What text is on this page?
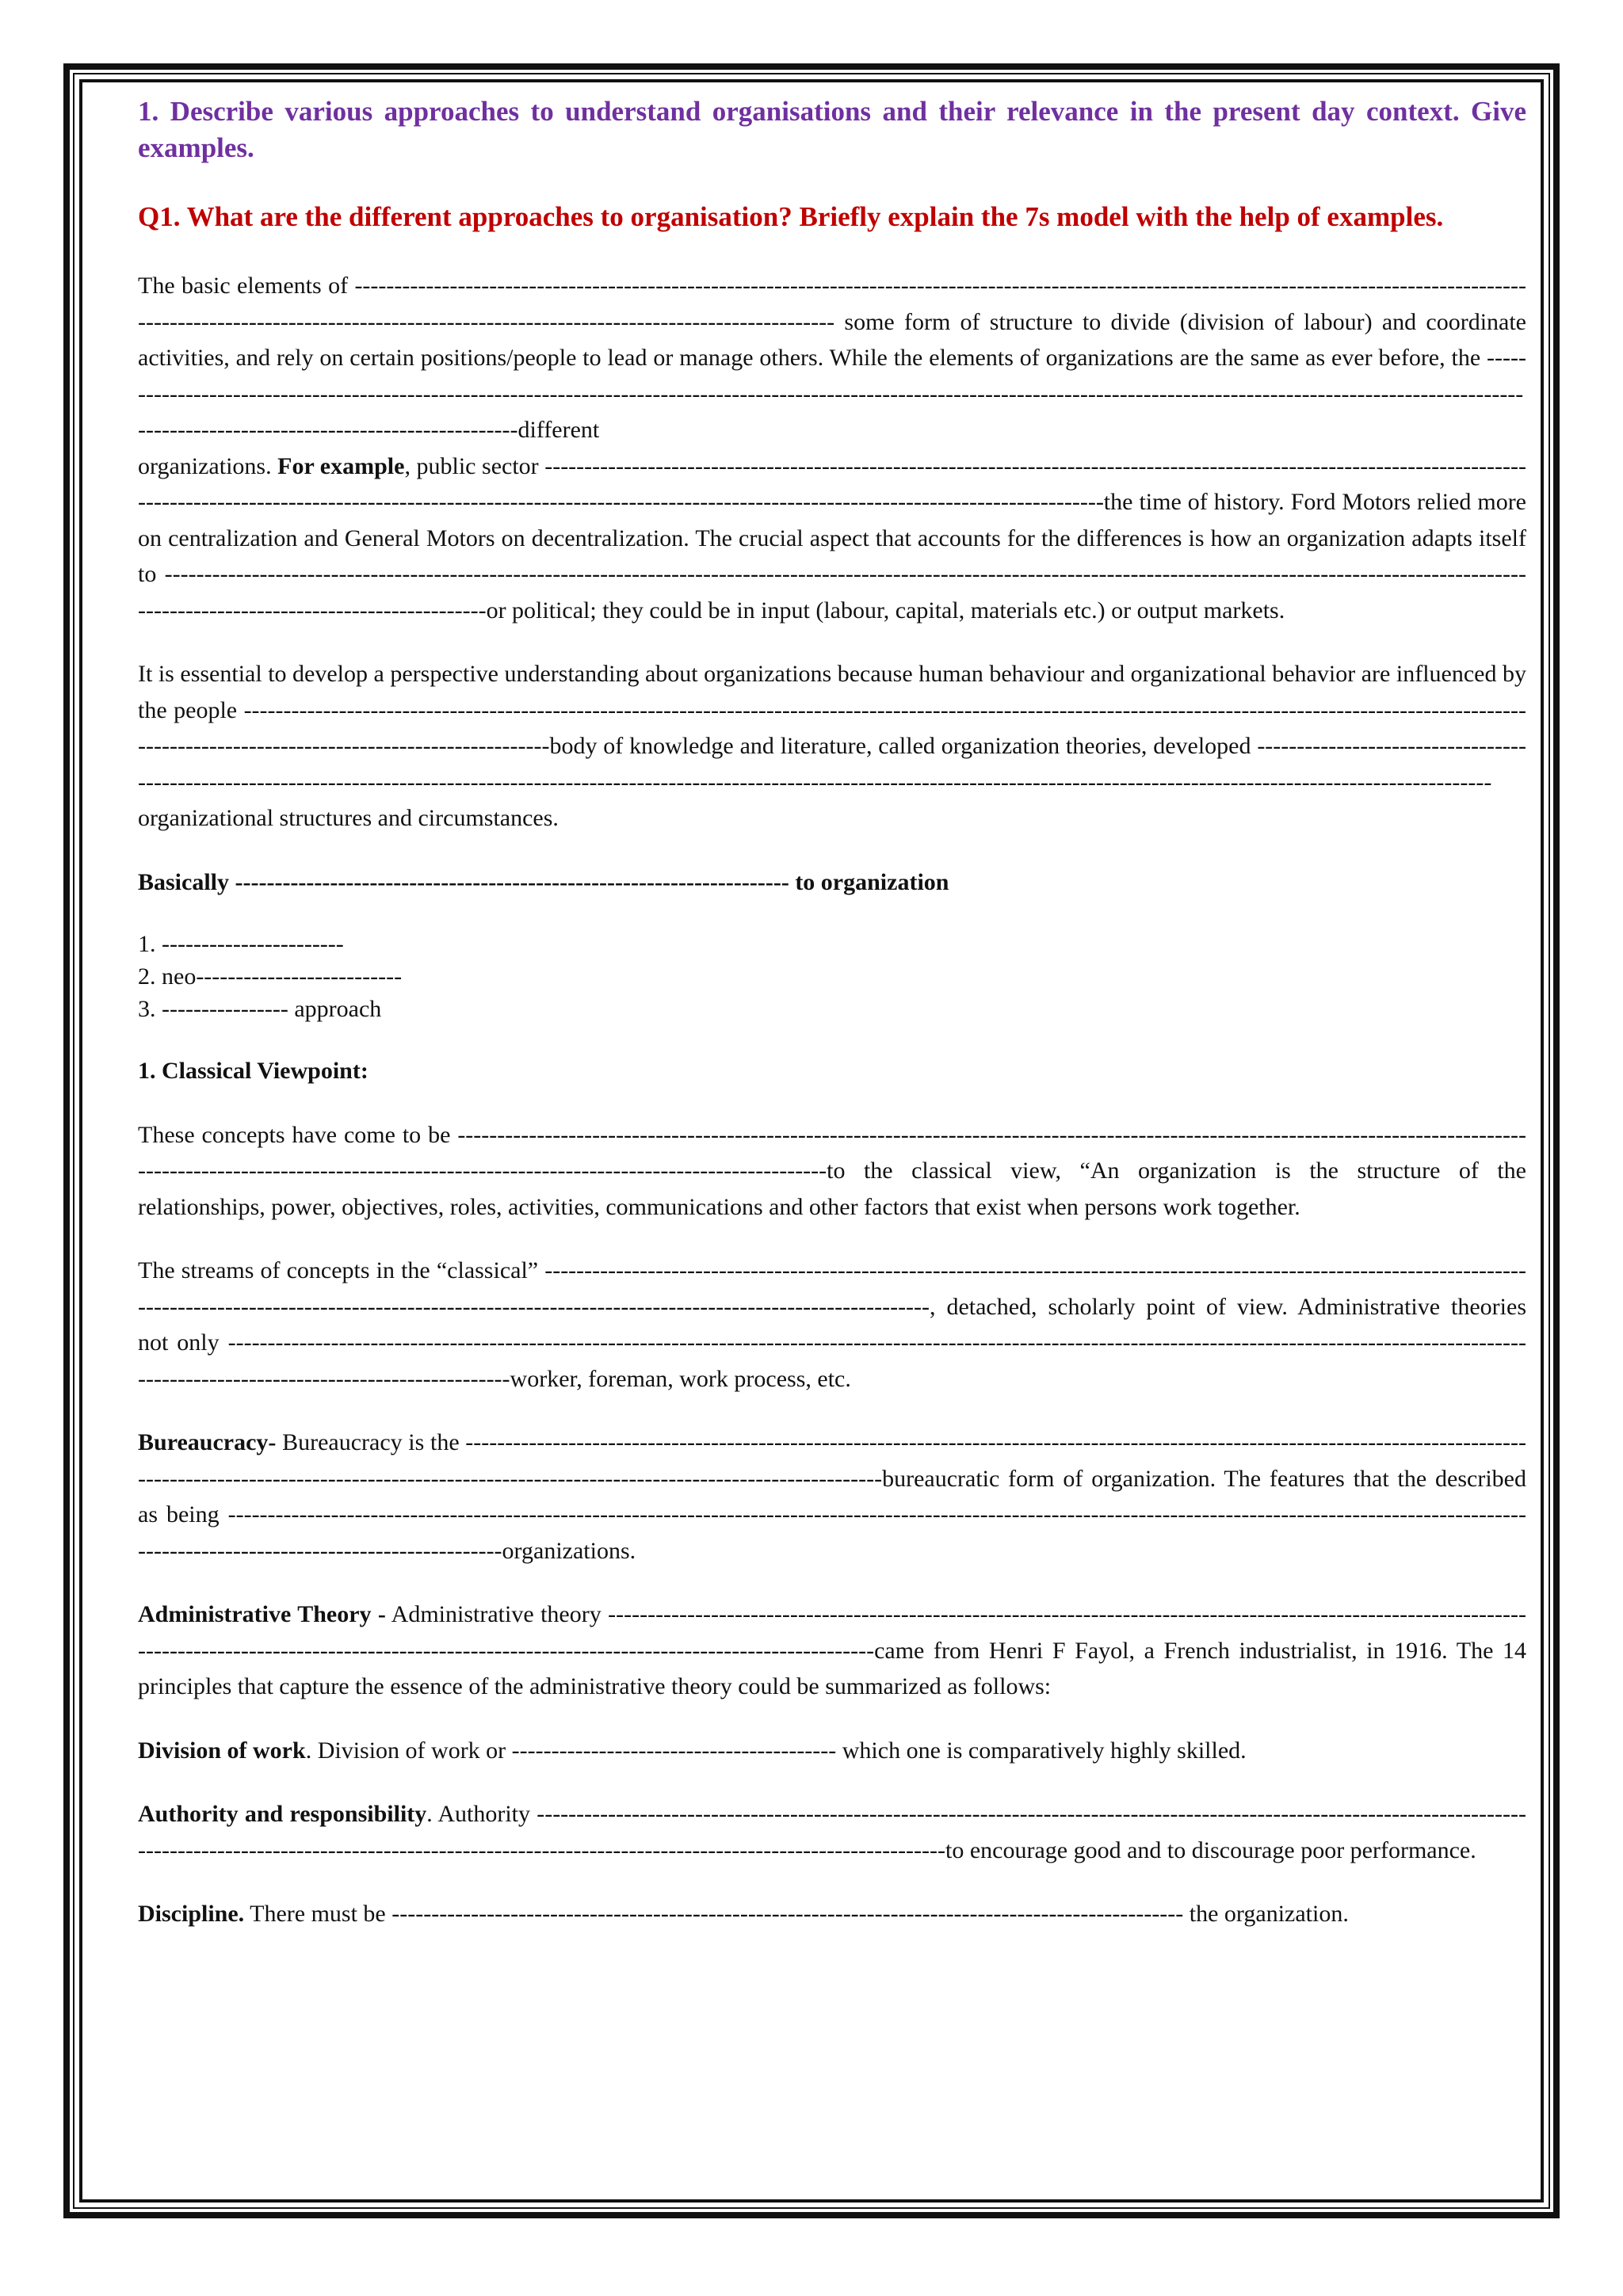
1. Describe various approaches to understand organisations and their relevance in the present day context. Give examples.

Q1. What are the different approaches to organisation? Briefly explain the 7s model with the help of examples.

The basic elements of -------------------------------------------------------------------------------------------------------------------------------------------------------------------------------------------------------------------------------------------- some form of structure to divide (division of labour) and coordinate activities, and rely on certain positions/people to lead or manage others. While the elements of organizations are the same as ever before, the ------------------------------------------------------------------------------------------------------------------------------------------------------------------------------------------------------------------------------------different

organizations. For example, public sector ------------------------------------------------------------------------------------------------------------------------------------------------------------------------------------------------------------------------------------------------------the time of history. Ford Motors relied more on centralization and General Motors on decentralization. The crucial aspect that accounts for the differences is how an organization adapts itself to ------------------------------------------------------------------------------------------------------------------------------------------------------------------------------------------------------------------------or political; they could be in input (labour, capital, materials etc.) or output markets.

It is essential to develop a perspective understanding about organizations because human behaviour and organizational behavior are influenced by the people ----------------------------------------------------------------------------------------------------------------------------------------------------------------------------------------------------------------------body of knowledge and literature, called organization theories, developed -------------------------------------------------------------------------------------------------------------------------------------------------------------------------------------------------------------organizational structures and circumstances.

Basically ---------------------------------------------------------------------- to organization

1. -----------------------
2. neo--------------------------
3. ---------------- approach

1. Classical Viewpoint:

These concepts have come to be ------------------------------------------------------------------------------------------------------------------------------------------------------------------------------------------------------------------------------to the classical view, “An organization is the structure of the relationships, power, objectives, roles, activities, communications and other factors that exist when persons work together.

The streams of concepts in the “classical” --------------------------------------------------------------------------------------------------------------------------------------------------------------------------------------------------------------------------------, detached, scholarly point of view. Administrative theories not only -------------------------------------------------------------------------------------------------------------------------------------------------------------------------------------------------------------------worker, foreman, work process, etc.

Bureaucracy- Bureaucracy is the ------------------------------------------------------------------------------------------------------------------------------------------------------------------------------------------------------------------------------------bureaucratic form of organization. The features that the described as being ------------------------------------------------------------------------------------------------------------------------------------------------------------------------------------------------------------------organizations.

Administrative Theory - Administrative theory -----------------------------------------------------------------------------------------------------------------------------------------------------------------------------------------------------------------came from Henri F Fayol, a French industrialist, in 1916. The 14 principles that capture the essence of the administrative theory could be summarized as follows:

Division of work. Division of work or ----------------------------------------- which one is comparatively highly skilled.

Authority and responsibility. Authority -----------------------------------------------------------------------------------------------------------------------------------------------------------------------------------------------------------------------------------to encourage good and to discourage poor performance.

Discipline. There must be ---------------------------------------------------------------------------------------------------- the organization.
